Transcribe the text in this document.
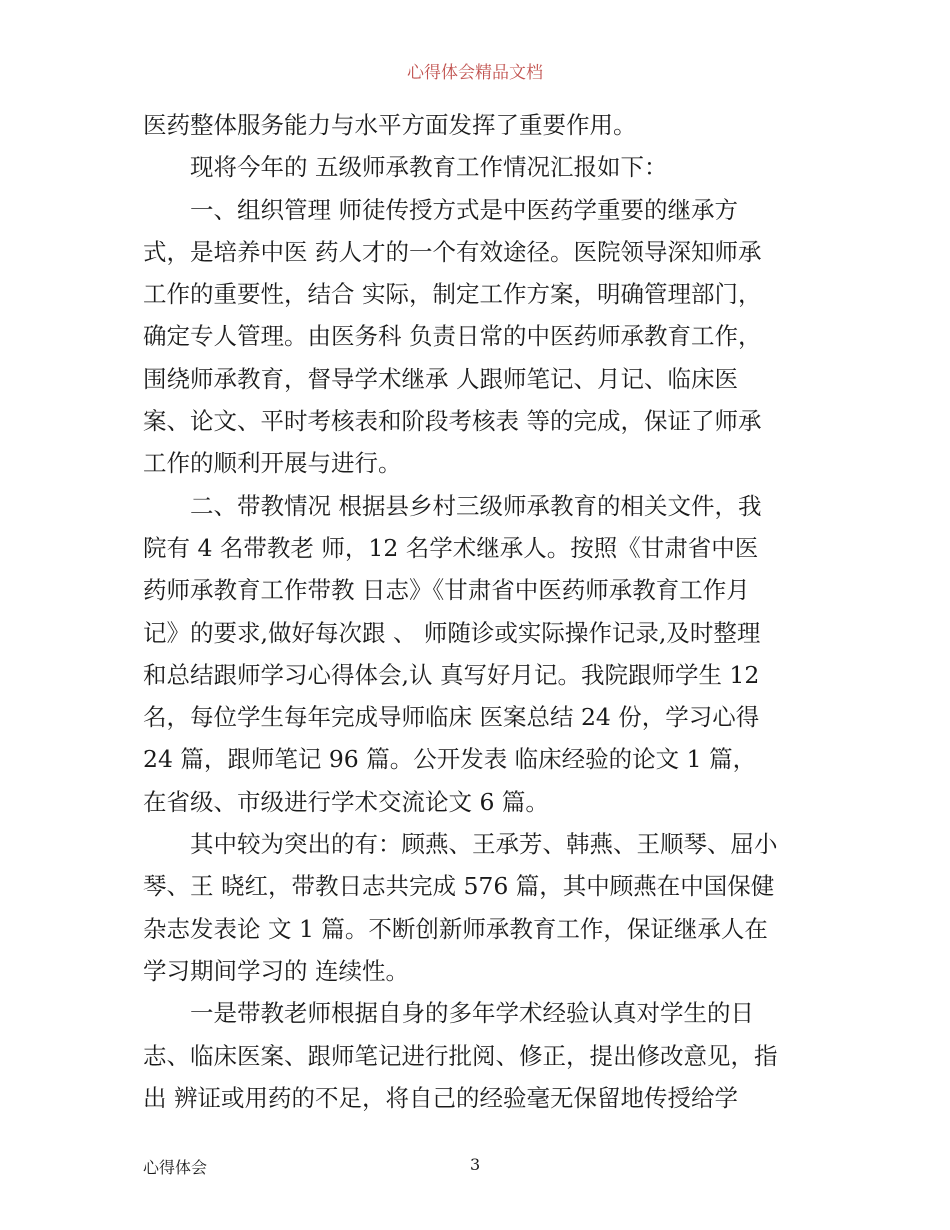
心得体会精品文档
医药整体服务能力与水平方面发挥了重要作用。
现将今年的 五级师承教育工作情况汇报如下：
一、组织管理 师徒传授方式是中医药学重要的继承方
式，是培养中医 药人才的一个有效途径。医院领导深知师承
工作的重要性，结合 实际，制定工作方案，明确管理部门，
确定专人管理。由医务科 负责日常的中医药师承教育工作，
围绕师承教育，督导学术继承 人跟师笔记、月记、临床医
案、论文、平时考核表和阶段考核表 等的完成，保证了师承
工作的顺利开展与进行。
二、带教情况 根据县乡村三级师承教育的相关文件，我
院有 4 名带教老 师，12 名学术继承人。按照《甘肃省中医
药师承教育工作带教 日志》《甘肃省中医药师承教育工作月
记》的要求,做好每次跟 、 师随诊或实际操作记录,及时整理
和总结跟师学习心得体会,认 真写好月记。我院跟师学生 12
名，每位学生每年完成导师临床 医案总结 24 份，学习心得
24 篇，跟师笔记 96 篇。公开发表 临床经验的论文 1 篇，
在省级、市级进行学术交流论文 6 篇。
其中较为突出的有：顾燕、王承芳、韩燕、王顺琴、屈小
琴、王 晓红，带教日志共完成 576 篇，其中顾燕在中国保健
杂志发表论 文 1 篇。不断创新师承教育工作，保证继承人在
学习期间学习的 连续性。
一是带教老师根据自身的多年学术经验认真对学生的日
志、临床医案、跟师笔记进行批阅、修正，提出修改意见，指
出 辨证或用药的不足，将自己的经验毫无保留地传授给学
心得体会	3
